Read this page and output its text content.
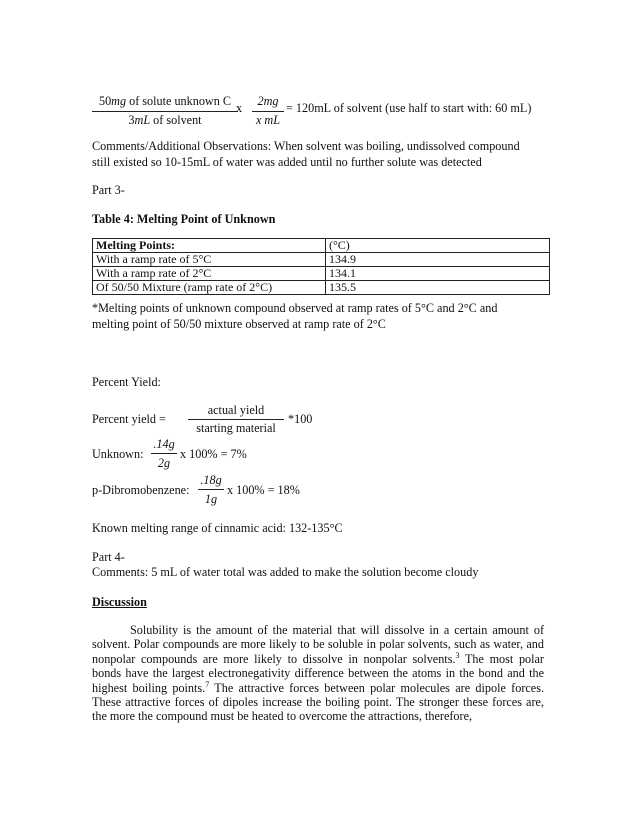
50mg of solute unknown C
3mL of solvent
x	2mg
x mL
= 120mL of solvent (use half to start with: 60 mL)
Comments/Additional Observations: When solvent was boiling, undissolved compound
still existed so 10-15mL of water was added until no further solute was detected
Part 3-
Table 4: Melting Point of Unknown
Melting Points:	(°C)
With a ramp rate of 5°C	134.9
With a ramp rate of 2°C	134.1
Of 50/50 Mixture (ramp rate of 2°C)	135.5
*Melting points of unknown compound observed at ramp rates of 5°C and 2°C and
melting point of 50/50 mixture observed at ramp rate of 2°C
Percent Yield:
Percent yield =
actual yield
starting material
*100
Unknown:
.14g
2g
x 100% = 7%
p-Dibromobenzene:
.18g
1g
x 100% = 18%
Known melting range of cinnamic acid: 132-135°C
Part 4-
Comments: 5 mL of water total was added to make the solution become cloudy
Discussion

Solubility is the amount of the material that will dissolve in a certain amount of solvent. Polar compounds are more likely to be soluble in polar solvents, such as water, and nonpolar compounds are more likely to dissolve in nonpolar solvents.$^3$ The most polar bonds have the largest electronegativity difference between the atoms in the bond and the highest boiling points.$^7$ The attractive forces between polar molecules are dipole forces. These attractive forces of dipoles increase the boiling point. The stronger these forces are, the more the compound must be heated to overcome the attractions, therefore,
